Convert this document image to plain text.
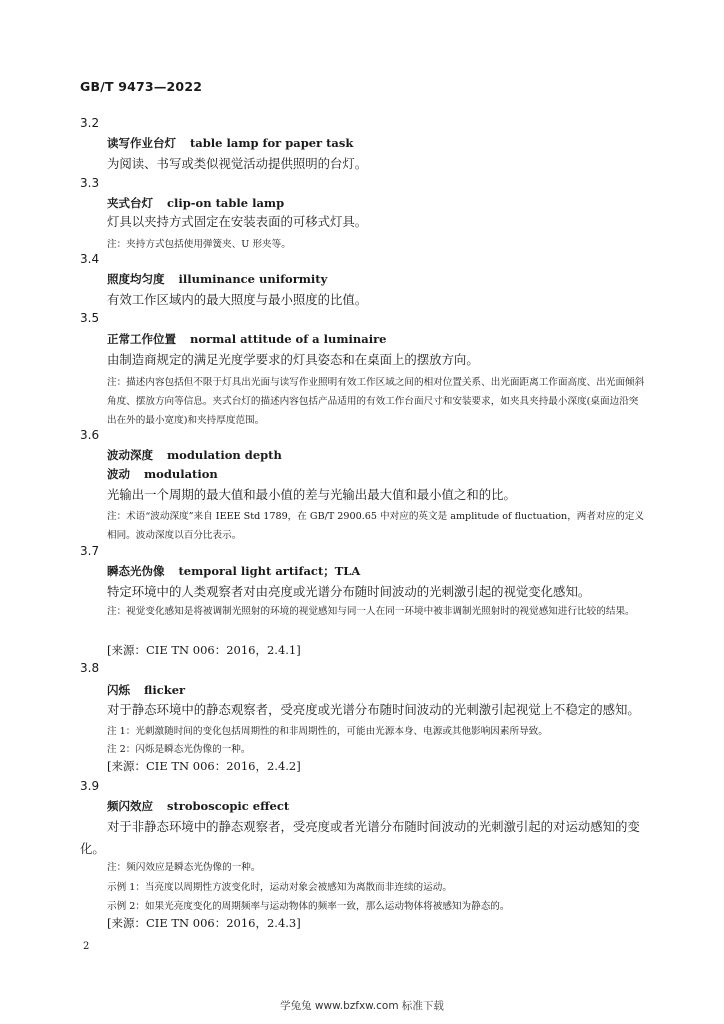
GB/T 9473—2022
3.2
读写作业台灯 table lamp for paper task
为阅读、书写或类似视觉活动提供照明的台灯。
3.3
夹式台灯 clip-on table lamp
灯具以夹持方式固定在安装表面的可移式灯具。
注：夹持方式包括使用弹簧夹、U 形夹等。
3.4
照度均匀度 illuminance uniformity
有效工作区域内的最大照度与最小照度的比值。
3.5
正常工作位置 normal attitude of a luminaire
由制造商规定的满足光度学要求的灯具姿态和在桌面上的摆放方向。
注：描述内容包括但不限于灯具出光面与读写作业照明有效工作区域之间的相对位置关系、出光面距离工作面高度、出光面倾斜角度、摆放方向等信息。夹式台灯的描述内容包括产品适用的有效工作台面尺寸和安装要求，如夹具夹持最小深度(桌面边沿突出在外的最小宽度)和夹持厚度范围。
3.6
波动深度 modulation depth
波动 modulation
光输出一个周期的最大值和最小值的差与光输出最大值和最小值之和的比。
注：术语“波动深度”来自 IEEE Std 1789，在 GB/T 2900.65 中对应的英文是 amplitude of fluctuation，两者对应的定义相同。波动深度以百分比表示。
3.7
瞬态光伪像 temporal light artifact；TLA
特定环境中的人类观察者对由亮度或光谱分布随时间波动的光刺激引起的视觉变化感知。
注：视觉变化感知是将被调制光照射的环境的视觉感知与同一人在同一环境中被非调制光照射时的视觉感知进行比较的结果。
[来源：CIE TN 006：2016，2.4.1]
3.8
闪烁 flicker
对于静态环境中的静态观察者，受亮度或光谱分布随时间波动的光刺激引起视觉上不稳定的感知。
注 1：光刺激随时间的变化包括周期性的和非周期性的，可能由光源本身、电源或其他影响因素所导致。
注 2：闪烁是瞬态光伪像的一种。
[来源：CIE TN 006：2016，2.4.2]
3.9
频闪效应 stroboscopic effect
对于非静态环境中的静态观察者，受亮度或者光谱分布随时间波动的光刺激引起的对运动感知的变化。
注：频闪效应是瞬态光伪像的一种。
示例 1：当亮度以周期性方波变化时，运动对象会被感知为离散而非连续的运动。
示例 2：如果光亮度变化的周期频率与运动物体的频率一致，那么运动物体将被感知为静态的。
[来源：CIE TN 006：2016，2.4.3]
2
学兔兔 www.bzfxw.com 标准下载
